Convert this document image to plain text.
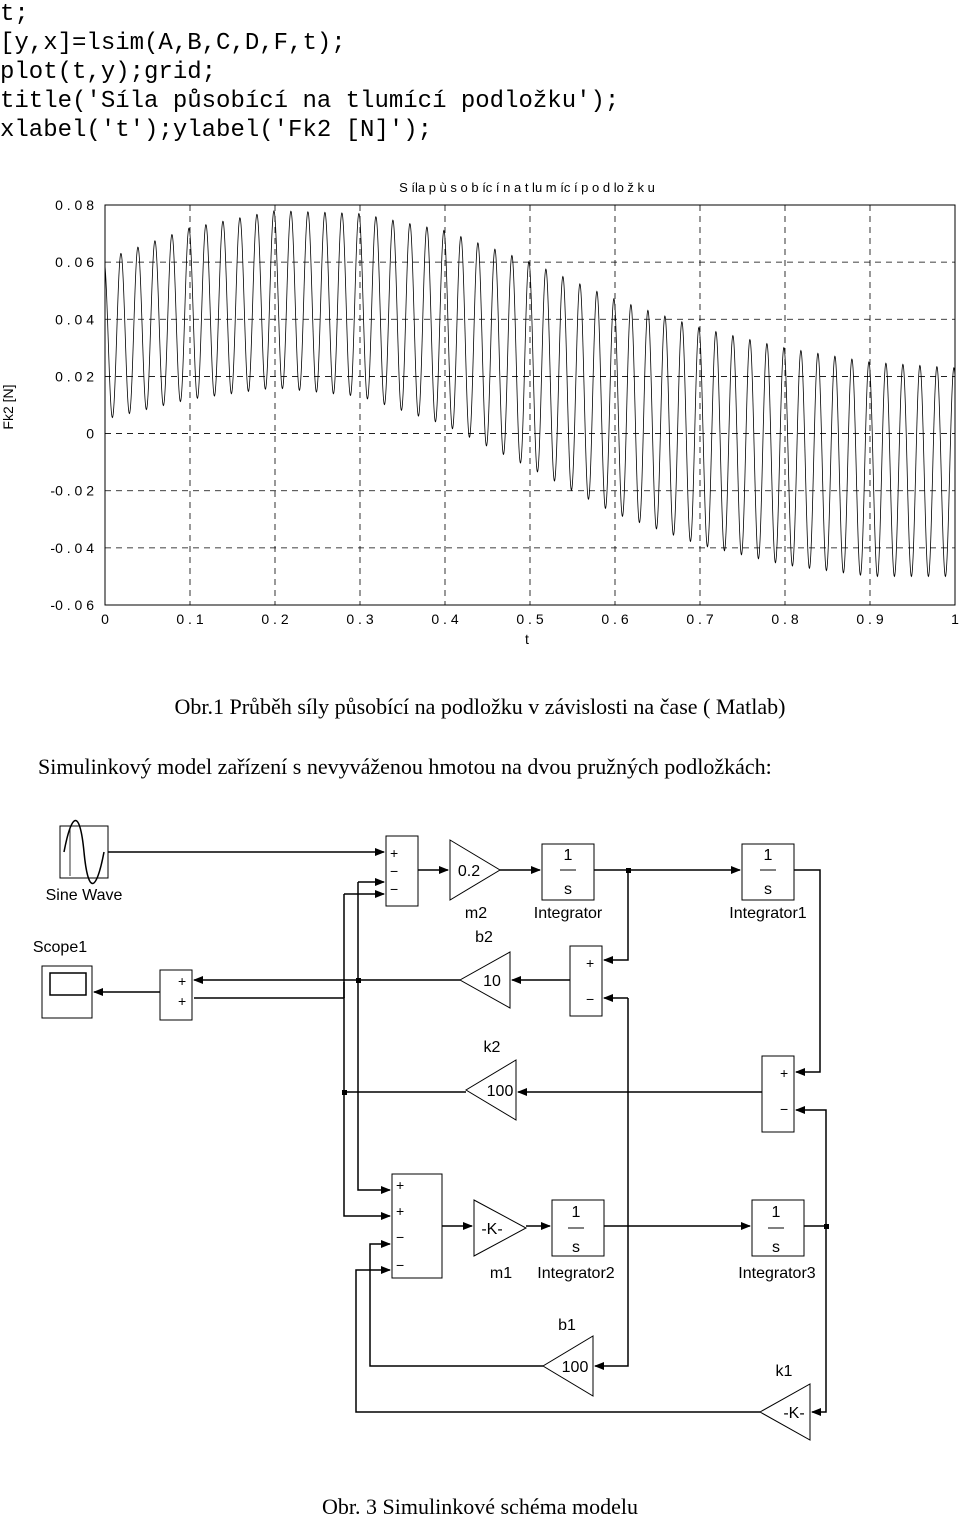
t;
[y,x]=lsim(A,B,C,D,F,t);
plot(t,y);grid;
title('Síla působící na tlumící podložku');
xlabel('t');ylabel('Fk2 [N]');
0 . 0 8
0 . 0 6
0 . 0 4
0 . 0 2
0
-0 . 0 2
-0 . 0 4
-0 . 0 6
0	0 . 1	0 . 2	0 . 3	0 . 4	0 . 5	0 . 6	0 . 7	0 . 8	0 . 9	1
S íla p ù s o b íc í n a t lu m íc í p o d lo ž k u
t
Fk2 [N]
Obr.1 Průběh síly působící na podložku v závislosti na čase ( Matlab)
Simulinkový model zařízení s nevyváženou hmotou na dvou pružných podložkách:
Sine Wave
Scope1
+
−
−
0.2
m2
1
s
Integrator
1
s
Integrator1
b2
10
+
−
+
+
k2
100
+
−
+
+
−
−
-K-
m1
1
s
Integrator2
1
s
Integrator3
b1
100	k1
-K-
Obr. 3 Simulinkové schéma modelu
